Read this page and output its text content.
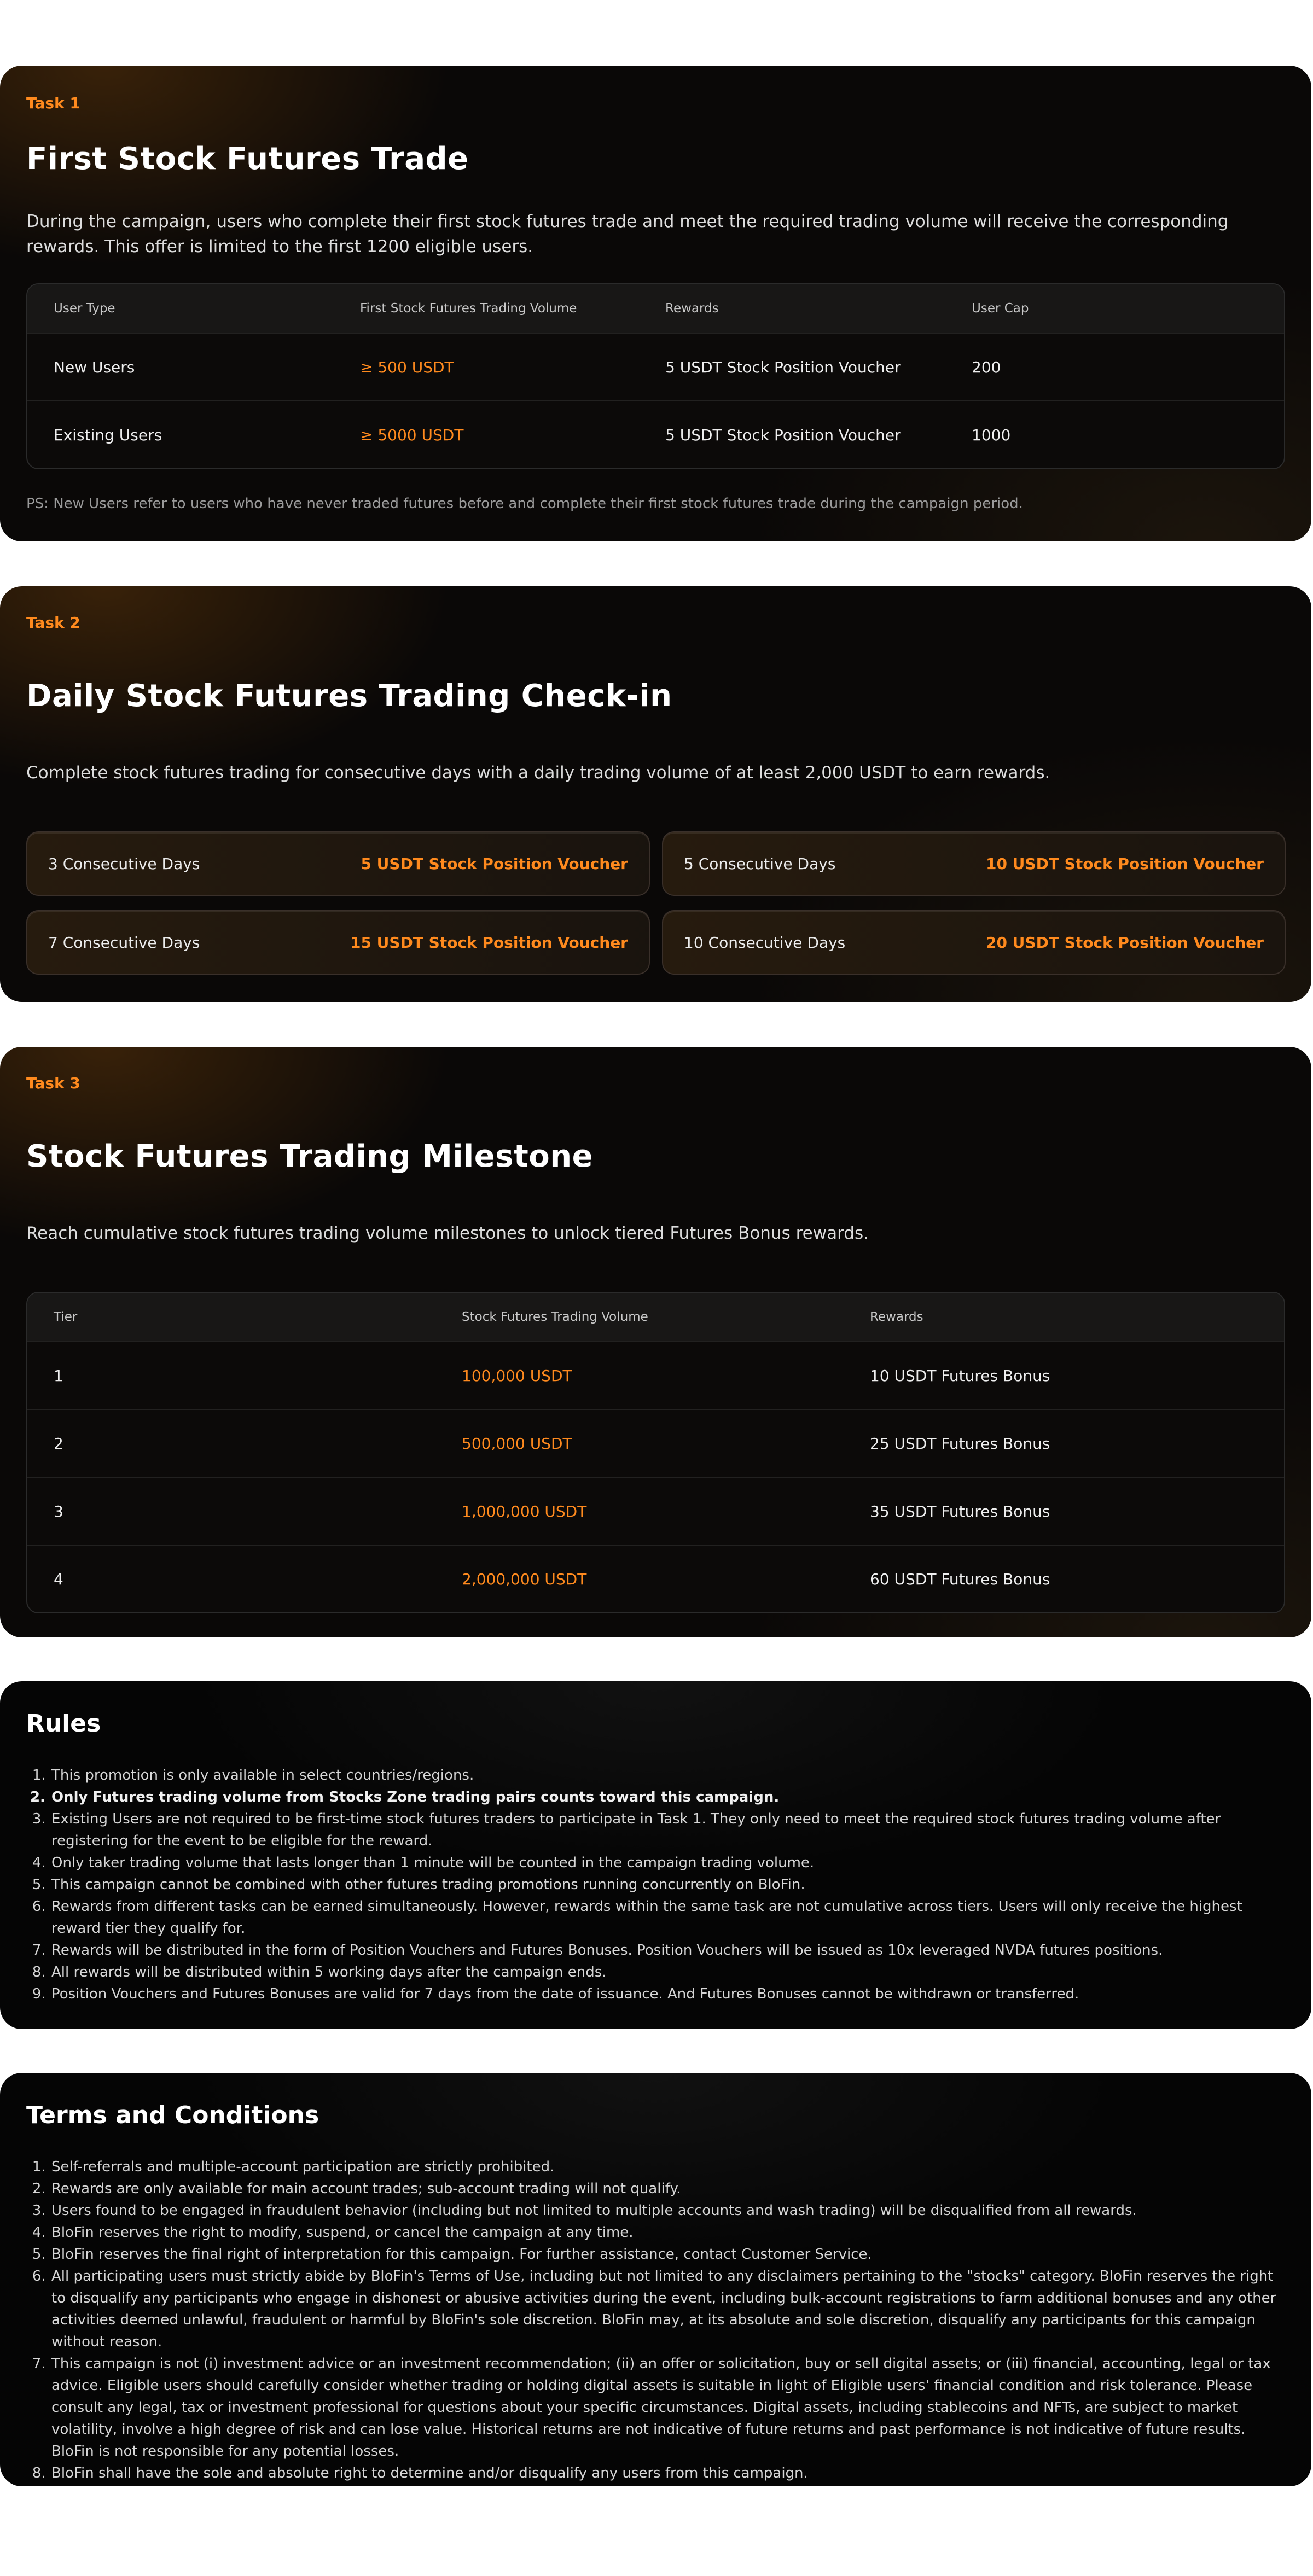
Task 1
First Stock Futures Trade

During the campaign, users who complete their first stock futures trade and meet the required trading volume will receive the corresponding rewards. This offer is limited to the first 1200 eligible users.

User Type	First Stock Futures Trading Volume	Rewards	User Cap
New Users	≥ 500 USDT	5 USDT Stock Position Voucher	200
Existing Users	≥ 5000 USDT	5 USDT Stock Position Voucher	1000

PS: New Users refer to users who have never traded futures before and complete their first stock futures trade during the campaign period.

Task 2
Daily Stock Futures Trading Check-in

Complete stock futures trading for consecutive days with a daily trading volume of at least 2,000 USDT to earn rewards.

3 Consecutive Days	5 USDT Stock Position Voucher	5 Consecutive Days	10 USDT Stock Position Voucher
7 Consecutive Days	15 USDT Stock Position Voucher	10 Consecutive Days	20 USDT Stock Position Voucher
Task 3
Stock Futures Trading Milestone

Reach cumulative stock futures trading volume milestones to unlock tiered Futures Bonus rewards.

Tier	Stock Futures Trading Volume	Rewards
1	100,000 USDT	10 USDT Futures Bonus
2	500,000 USDT	25 USDT Futures Bonus
3	1,000,000 USDT	35 USDT Futures Bonus
4	2,000,000 USDT	60 USDT Futures Bonus
Rules
1. This promotion is only available in select countries/regions.
2. Only Futures trading volume from Stocks Zone trading pairs counts toward this campaign.
3. Existing Users are not required to be first-time stock futures traders to participate in Task 1. They only need to meet the required stock futures trading volume after registering for the event to be eligible for the reward.
4. Only taker trading volume that lasts longer than 1 minute will be counted in the campaign trading volume.
5. This campaign cannot be combined with other futures trading promotions running concurrently on BloFin.
6. Rewards from different tasks can be earned simultaneously. However, rewards within the same task are not cumulative across tiers. Users will only receive the highest reward tier they qualify for.
7. Rewards will be distributed in the form of Position Vouchers and Futures Bonuses. Position Vouchers will be issued as 10x leveraged NVDA futures positions.
8. All rewards will be distributed within 5 working days after the campaign ends.
9. Position Vouchers and Futures Bonuses are valid for 7 days from the date of issuance. And Futures Bonuses cannot be withdrawn or transferred.
Terms and Conditions
1. Self-referrals and multiple-account participation are strictly prohibited.
2. Rewards are only available for main account trades; sub-account trading will not qualify.
3. Users found to be engaged in fraudulent behavior (including but not limited to multiple accounts and wash trading) will be disqualified from all rewards.
4. BloFin reserves the right to modify, suspend, or cancel the campaign at any time.
5. BloFin reserves the final right of interpretation for this campaign. For further assistance, contact Customer Service.
6. All participating users must strictly abide by BloFin's Terms of Use, including but not limited to any disclaimers pertaining to the "stocks" category. BloFin reserves the right to disqualify any participants who engage in dishonest or abusive activities during the event, including bulk-account registrations to farm additional bonuses and any other activities deemed unlawful, fraudulent or harmful by BloFin's sole discretion. BloFin may, at its absolute and sole discretion, disqualify any participants for this campaign without reason.
7. This campaign is not (i) investment advice or an investment recommendation; (ii) an offer or solicitation, buy or sell digital assets; or (iii) financial, accounting, legal or tax advice. Eligible users should carefully consider whether trading or holding digital assets is suitable in light of Eligible users' financial condition and risk tolerance. Please consult any legal, tax or investment professional for questions about your specific circumstances. Digital assets, including stablecoins and NFTs, are subject to market volatility, involve a high degree of risk and can lose value. Historical returns are not indicative of future returns and past performance is not indicative of future results. BloFin is not responsible for any potential losses.
8. BloFin shall have the sole and absolute right to determine and/or disqualify any users from this campaign.
